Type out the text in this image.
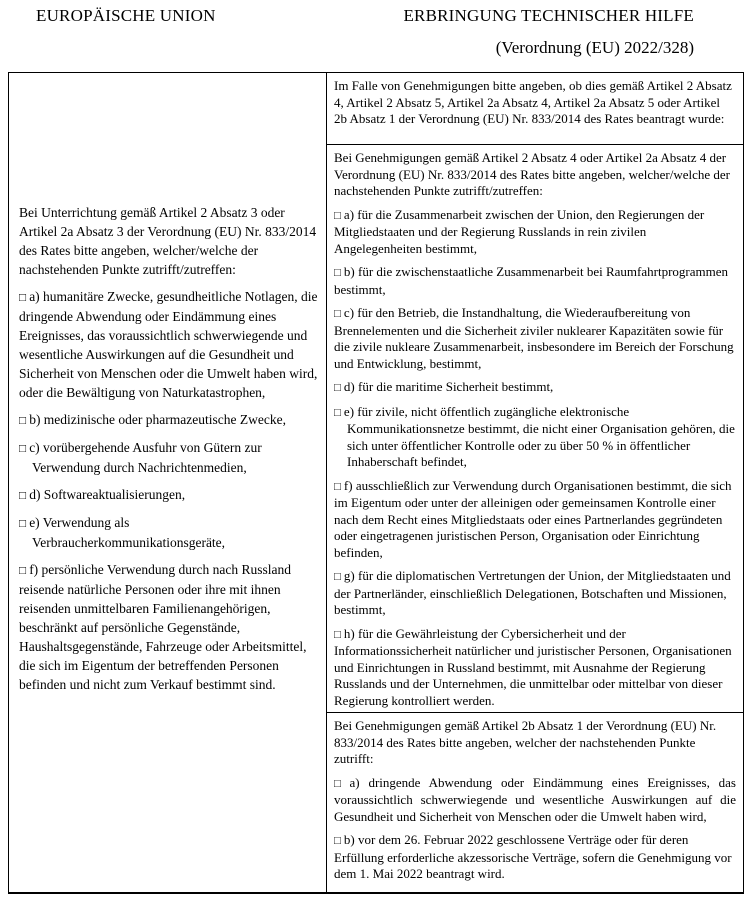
EUROPÄISCHE UNION	ERBRINGUNG TECHNISCHER HILFE
(Verordnung (EU) 2022/328)

Bei Unterrichtung gemäß Artikel 2 Absatz 3 oder Artikel 2a Absatz 3 der Verordnung (EU) Nr. 833/2014 des Rates bitte angeben, welcher/welche der nachstehenden Punkte zutrifft/zutreffen:

□ a) humanitäre Zwecke, gesundheitliche Notlagen, die dringende Abwendung oder Eindämmung eines Ereignisses, das voraussichtlich schwerwiegende und wesentliche Auswirkungen auf die Gesundheit und Sicherheit von Menschen oder die Umwelt haben wird, oder die Bewältigung von Naturkatastrophen,

□ b) medizinische oder pharmazeutische Zwecke,

□ c) vorübergehende Ausfuhr von Gütern zur Verwendung durch Nachrichtenmedien,

□ d) Softwareaktualisierungen,

□ e) Verwendung als Verbraucherkommunikationsgeräte,

□ f) persönliche Verwendung durch nach Russland reisende natürliche Personen oder ihre mit ihnen reisenden unmittelbaren Familienangehörigen, beschränkt auf persönliche Gegenstände, Haushaltsgegenstände, Fahrzeuge oder Arbeitsmittel, die sich im Eigentum der betreffenden Personen befinden und nicht zum Verkauf bestimmt sind.

Im Falle von Genehmigungen bitte angeben, ob dies gemäß Artikel 2 Absatz 4, Artikel 2 Absatz 5, Artikel 2a Absatz 4, Artikel 2a Absatz 5 oder Artikel 2b Absatz 1 der Verordnung (EU) Nr. 833/2014 des Rates beantragt wurde:

Bei Genehmigungen gemäß Artikel 2 Absatz 4 oder Artikel 2a Absatz 4 der Verordnung (EU) Nr. 833/2014 des Rates bitte angeben, welcher/welche der nachstehenden Punkte zutrifft/zutreffen:

□ a) für die Zusammenarbeit zwischen der Union, den Regierungen der Mitgliedstaaten und der Regierung Russlands in rein zivilen Angelegenheiten bestimmt,

□ b) für die zwischenstaatliche Zusammenarbeit bei Raumfahrtprogrammen bestimmt,

□ c) für den Betrieb, die Instandhaltung, die Wiederaufbereitung von Brennelementen und die Sicherheit ziviler nuklearer Kapazitäten sowie für die zivile nukleare Zusammenarbeit, insbesondere im Bereich der Forschung und Entwicklung, bestimmt,

□ d) für die maritime Sicherheit bestimmt,

□ e) für zivile, nicht öffentlich zugängliche elektronische Kommunikationsnetze bestimmt, die nicht einer Organisation gehören, die sich unter öffentlicher Kontrolle oder zu über 50 % in öffentlicher Inhaberschaft befindet,

□ f) ausschließlich zur Verwendung durch Organisationen bestimmt, die sich im Eigentum oder unter der alleinigen oder gemeinsamen Kontrolle einer nach dem Recht eines Mitgliedstaats oder eines Partnerlandes gegründeten oder eingetragenen juristischen Person, Organisation oder Einrichtung befinden,

□ g) für die diplomatischen Vertretungen der Union, der Mitgliedstaaten und der Partnerländer, einschließlich Delegationen, Botschaften und Missionen, bestimmt,

□ h) für die Gewährleistung der Cybersicherheit und der Informationssicherheit natürlicher und juristischer Personen, Organisationen und Einrichtungen in Russland bestimmt, mit Ausnahme der Regierung Russlands und der Unternehmen, die unmittelbar oder mittelbar von dieser Regierung kontrolliert werden.

Bei Genehmigungen gemäß Artikel 2b Absatz 1 der Verordnung (EU) Nr. 833/2014 des Rates bitte angeben, welcher der nachstehenden Punkte zutrifft:

□ a) dringende Abwendung oder Eindämmung eines Ereignisses, das voraussichtlich schwerwiegende und wesentliche Auswirkungen auf die Gesundheit und Sicherheit von Menschen oder die Umwelt haben wird,

□ b) vor dem 26. Februar 2022 geschlossene Verträge oder für deren Erfüllung erforderliche akzessorische Verträge, sofern die Genehmigung vor dem 1. Mai 2022 beantragt wird.
